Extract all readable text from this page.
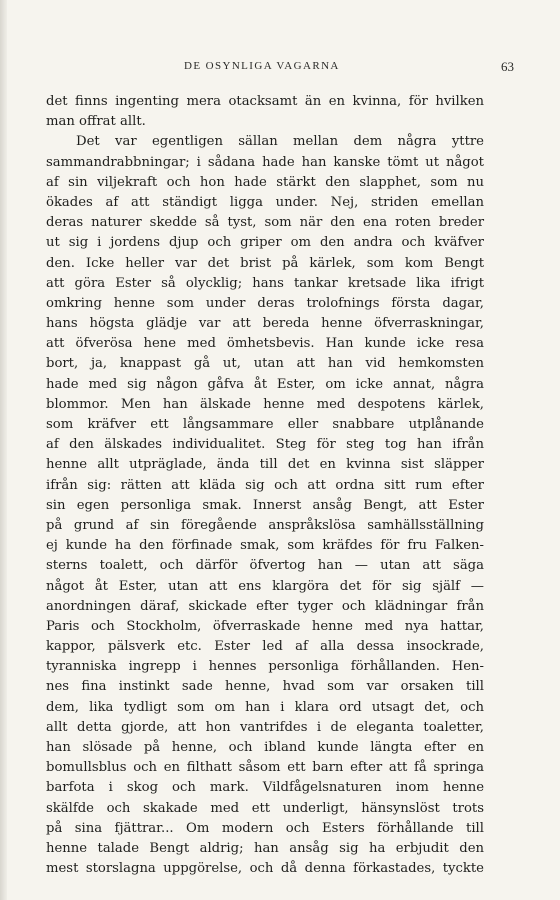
DE OSYNLIGA VAGARNA	63
det finns ingenting mera otacksamt än en kvinna, för hvilken
man offrat allt.
Det var egentligen sällan mellan dem några yttre
sammandrabbningar; i sådana hade han kanske tömt ut något
af sin viljekraft och hon hade stärkt den slapphet, som nu
ökades af att ständigt ligga under. Nej, striden emellan
deras naturer skedde så tyst, som när den ena roten breder
ut sig i jordens djup och griper om den andra och kväfver
den. Icke heller var det brist på kärlek, som kom Bengt
att göra Ester så olycklig; hans tankar kretsade lika ifrigt
omkring henne som under deras trolofnings första dagar,
hans högsta glädje var att bereda henne öfverraskningar,
att öfverösa hene med ömhetsbevis. Han kunde icke resa
bort, ja, knappast gå ut, utan att han vid hemkomsten
hade med sig någon gåfva åt Ester, om icke annat, några
blommor. Men han älskade henne med despotens kärlek,
som kräfver ett långsammare eller snabbare utplånande
af den älskades individualitet. Steg för steg tog han ifrån
henne allt utpräglade, ända till det en kvinna sist släpper
ifrån sig: rätten att kläda sig och att ordna sitt rum efter
sin egen personliga smak. Innerst ansåg Bengt, att Ester
på grund af sin föregående anspråkslösa samhällsställning
ej kunde ha den förfinade smak, som kräfdes för fru Falken-
sterns toalett, och därför öfvertog han — utan att säga
något åt Ester, utan att ens klargöra det för sig själf —
anordningen däraf, skickade efter tyger och klädningar från
Paris och Stockholm, öfverraskade henne med nya hattar,
kappor, pälsverk etc. Ester led af alla dessa insockrade,
tyranniska ingrepp i hennes personliga förhållanden. Hen-
nes fina instinkt sade henne, hvad som var orsaken till
dem, lika tydligt som om han i klara ord utsagt det, och
allt detta gjorde, att hon vantrifdes i de eleganta toaletter,
han slösade på henne, och ibland kunde längta efter en
bomullsblus och en filthatt såsom ett barn efter att få springa
barfota i skog och mark. Vildfågelsnaturen inom henne
skälfde och skakade med ett underligt, hänsynslöst trots
på sina fjättrar... Om modern och Esters förhållande till
henne talade Bengt aldrig; han ansåg sig ha erbjudit den
mest storslagna uppgörelse, och då denna förkastades, tyckte
